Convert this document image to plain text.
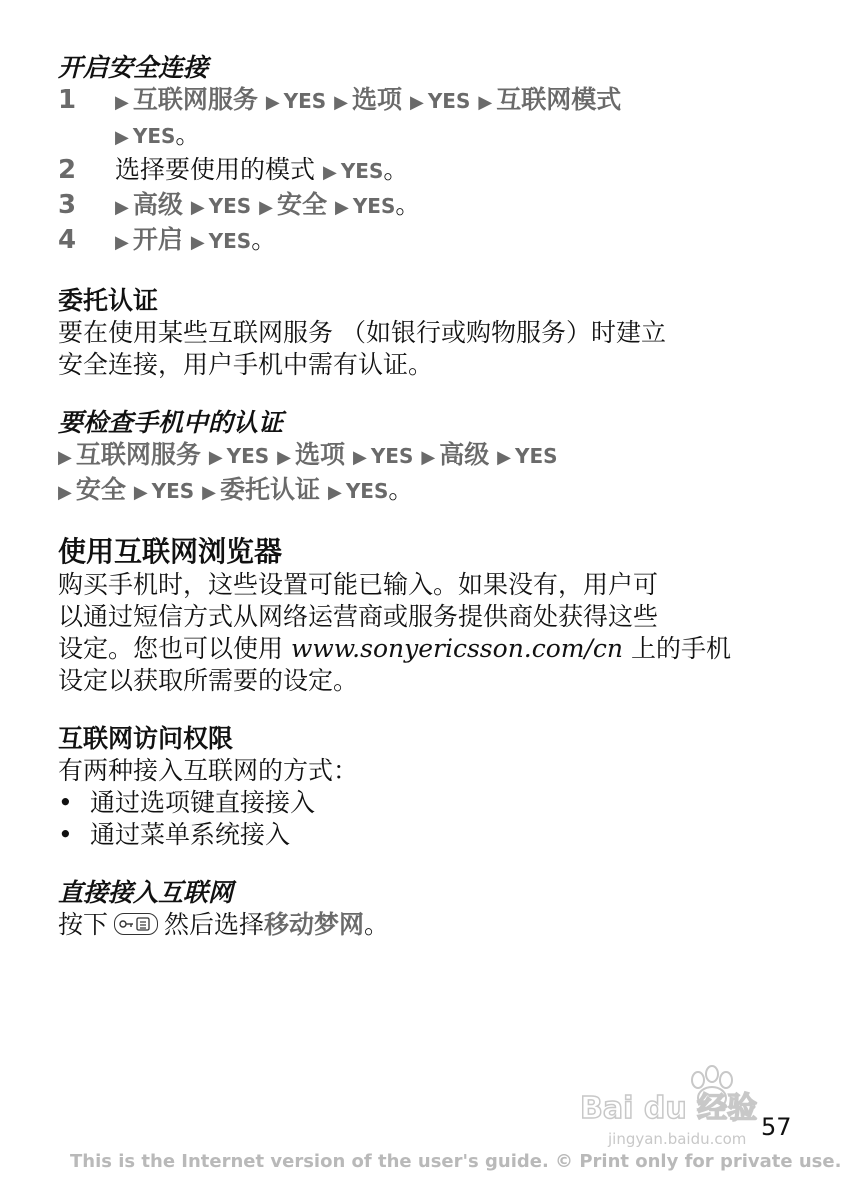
开启安全连接
1	▶ 互联网服务 ▶ YES ▶ 选项 ▶ YES ▶ 互联网模式
▶ YES。
2	选择要使用的模式 ▶ YES。
3	▶ 高级 ▶ YES ▶ 安全 ▶ YES。
4	▶ 开启 ▶ YES。
委托认证

要在使用某些互联网服务 （如银行或购物服务）时建立

安全连接，用户手机中需有认证。

要检查手机中的认证
▶ 互联网服务 ▶ YES ▶ 选项 ▶ YES ▶ 高级 ▶ YES
▶ 安全 ▶ YES ▶ 委托认证 ▶ YES。
使用互联网浏览器

购买手机时，这些设置可能已输入。如果没有，用户可

以通过短信方式从网络运营商或服务提供商处获得这些

设定。您也可以使用 www.sonyericsson.com/cn 上的手机

设定以获取所需要的设定。

互联网访问权限

有两种接入互联网的方式：

• 通过选项键直接接入
• 通过菜单系统接入
直接接入互联网

按下 然后选择移动梦网。

Bai du 经验
jingyan.baidu.com 57
This is the Internet version of the user's guide. © Print only for private use.
